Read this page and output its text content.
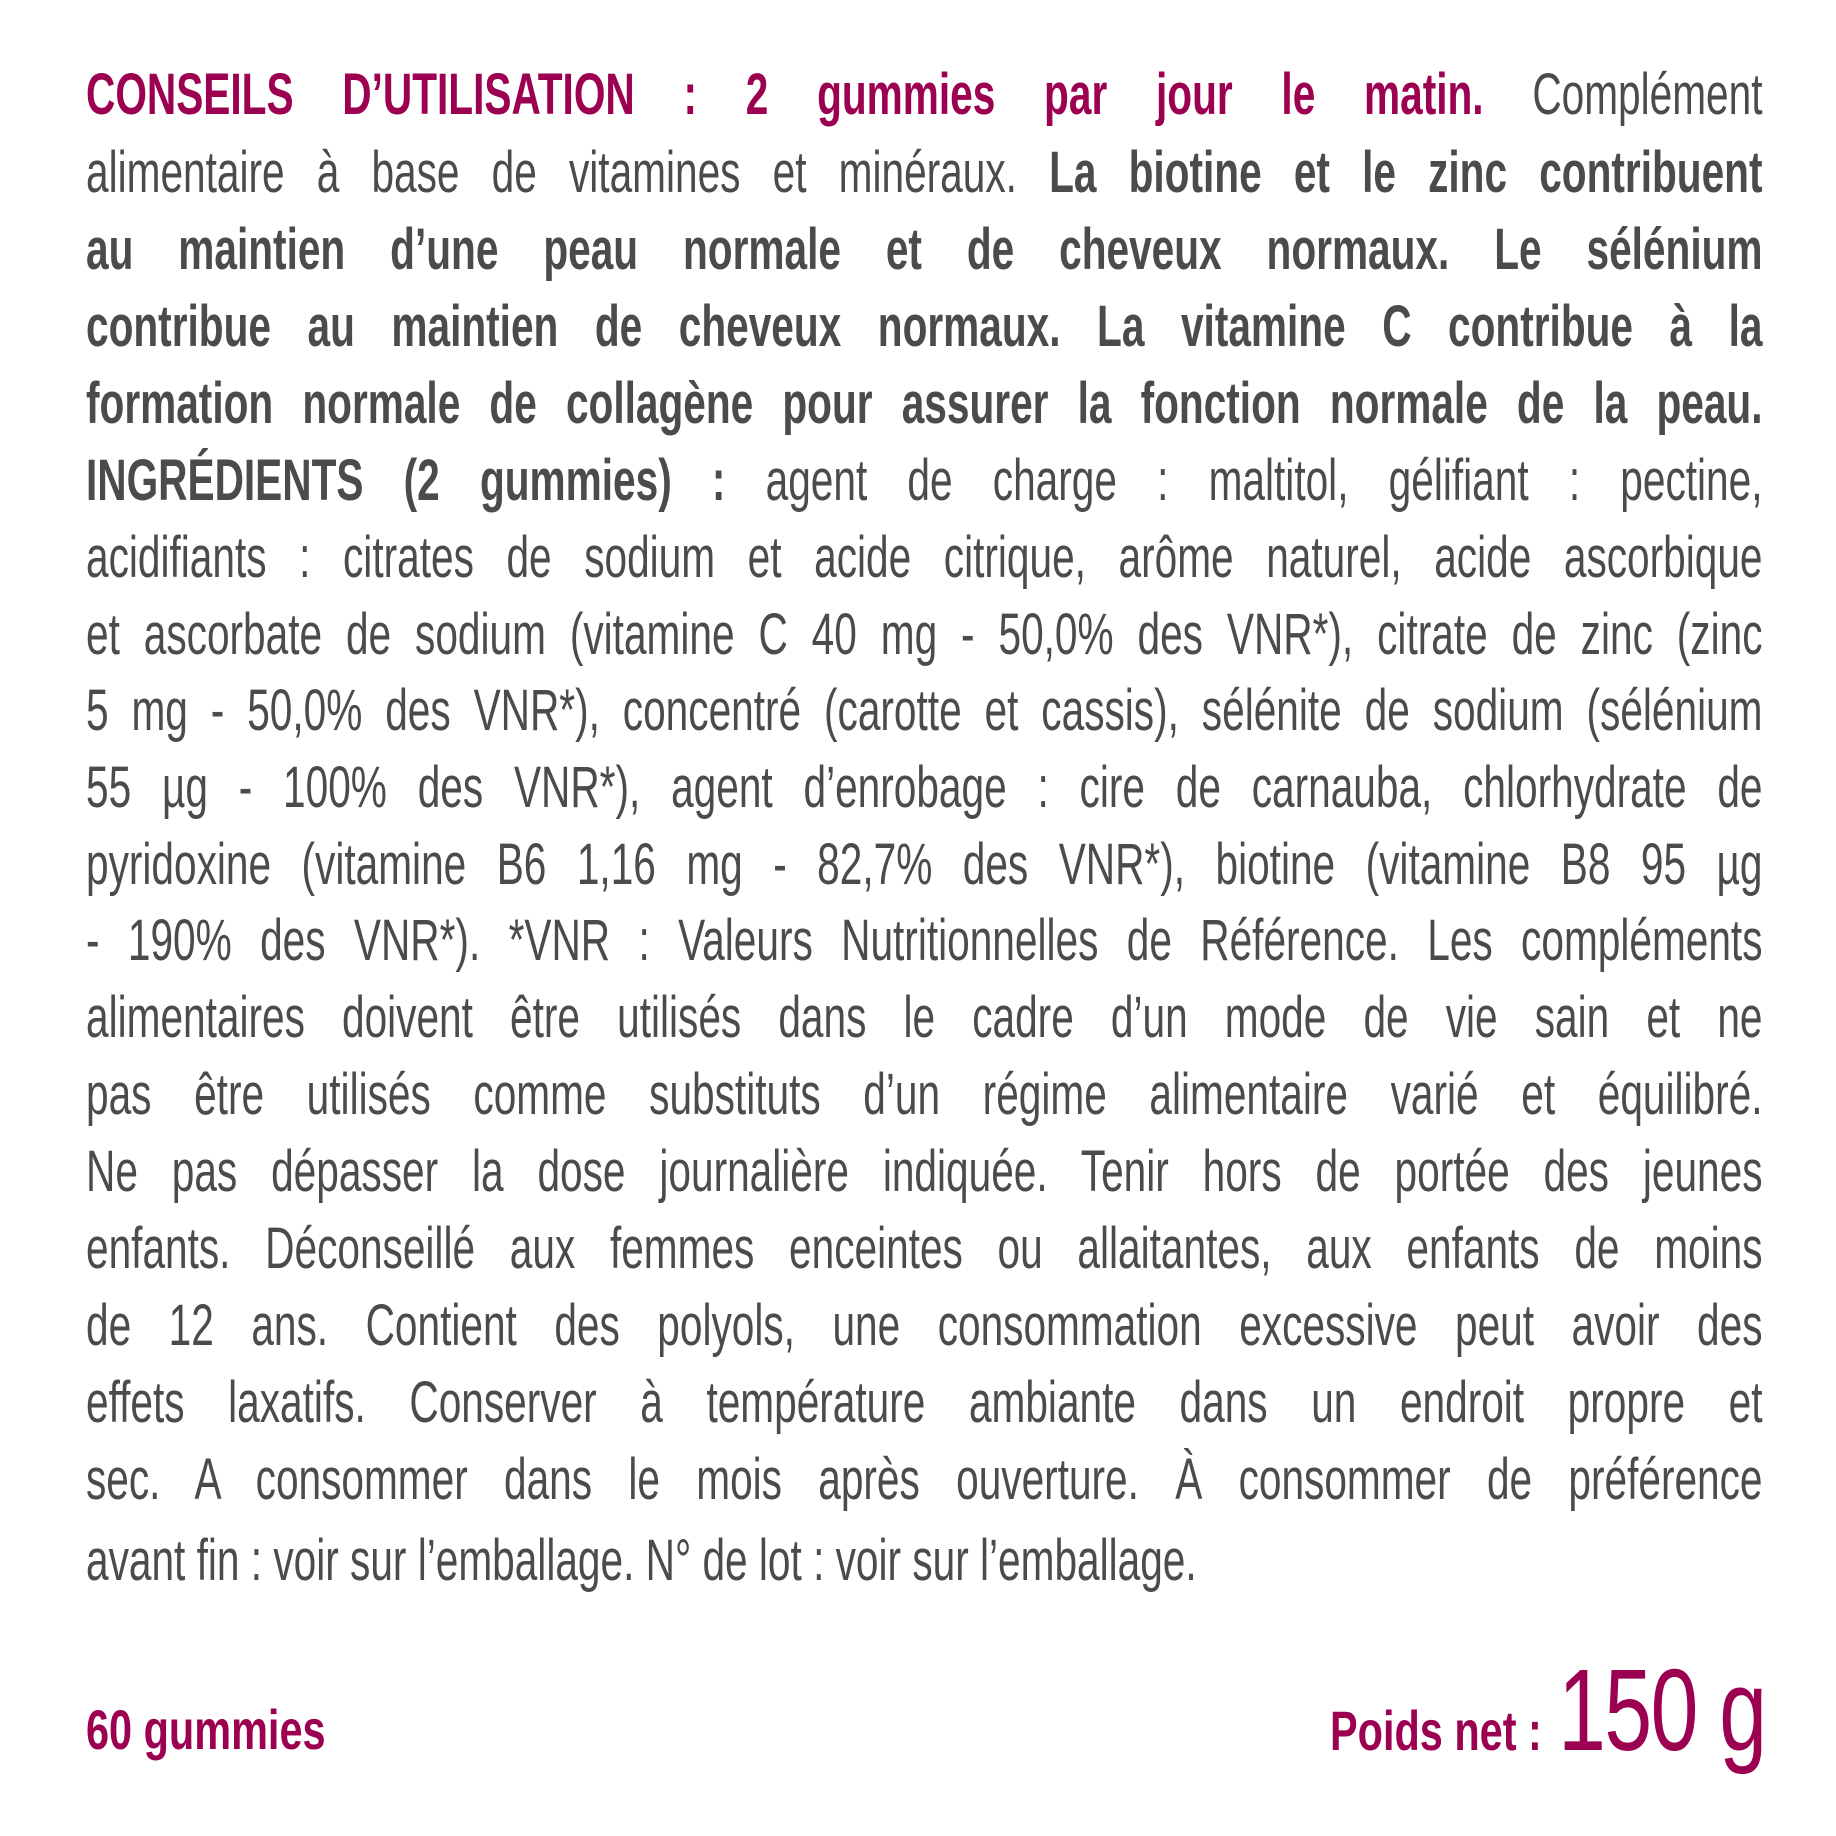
CONSEILS D’UTILISATION : 2 gummies par jour le matin. Complément
alimentaire à base de vitamines et minéraux. La biotine et le zinc contribuent
au maintien d’une peau normale et de cheveux normaux. Le sélénium
contribue au maintien de cheveux normaux. La vitamine C contribue à la
formation normale de collagène pour assurer la fonction normale de la peau.
INGRÉDIENTS (2 gummies) : agent de charge : maltitol, gélifiant : pectine,
acidifiants : citrates de sodium et acide citrique, arôme naturel, acide ascorbique
et ascorbate de sodium (vitamine C 40 mg - 50,0% des VNR*), citrate de zinc (zinc
5 mg - 50,0% des VNR*), concentré (carotte et cassis), sélénite de sodium (sélénium
55 µg - 100% des VNR*), agent d’enrobage : cire de carnauba, chlorhydrate de
pyridoxine (vitamine B6 1,16 mg - 82,7% des VNR*), biotine (vitamine B8 95 µg
- 190% des VNR*). *VNR : Valeurs Nutritionnelles de Référence. Les compléments
alimentaires doivent être utilisés dans le cadre d’un mode de vie sain et ne
pas être utilisés comme substituts d’un régime alimentaire varié et équilibré.
Ne pas dépasser la dose journalière indiquée. Tenir hors de portée des jeunes
enfants. Déconseillé aux femmes enceintes ou allaitantes, aux enfants de moins
de 12 ans. Contient des polyols, une consommation excessive peut avoir des
effets laxatifs. Conserver à température ambiante dans un endroit propre et
sec. A consommer dans le mois après ouverture. À consommer de préférence
avant fin : voir sur l’emballage. N° de lot : voir sur l’emballage.
60 gummies	Poids net : 150 g
